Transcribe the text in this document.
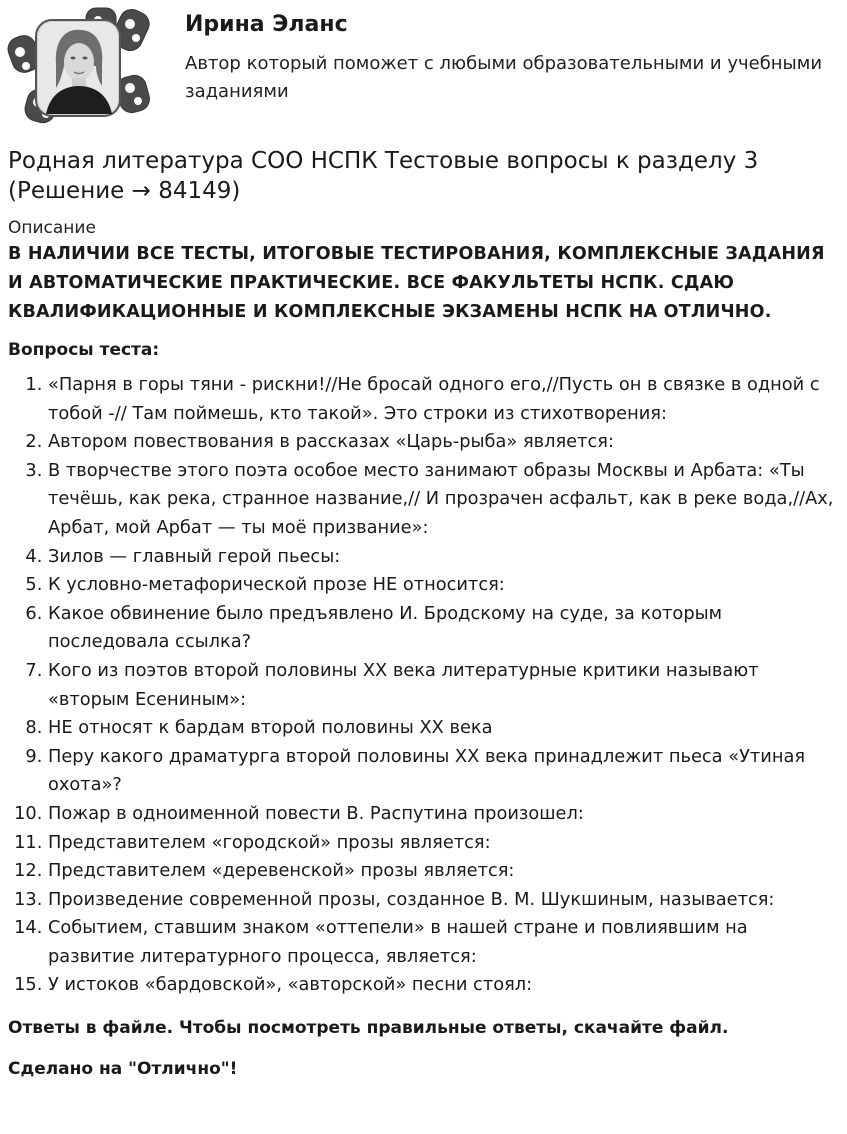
Ирина Эланс
Автор который поможет с любыми образовательными и учебными заданиями
Родная литература СОО НСПК Тестовые вопросы к разделу 3 (Решение → 84149)
Описание
В НАЛИЧИИ ВСЕ ТЕСТЫ, ИТОГОВЫЕ ТЕСТИРОВАНИЯ, КОМПЛЕКСНЫЕ ЗАДАНИЯ И АВТОМАТИЧЕСКИЕ ПРАКТИЧЕСКИЕ. ВСЕ ФАКУЛЬТЕТЫ НСПК. СДАЮ КВАЛИФИКАЦИОННЫЕ И КОМПЛЕКСНЫЕ ЭКЗАМЕНЫ НСПК НА ОТЛИЧНО.
Вопросы теста:
1. «Парня в горы тяни - рискни!//Не бросай одного его,//Пусть он в связке в одной с тобой -// Там поймешь, кто такой». Это строки из стихотворения:
2. Автором повествования в рассказах «Царь-рыба» является:
3. В творчестве этого поэта особое место занимают образы Москвы и Арбата: «Ты течёшь, как река, странное название,// И прозрачен асфальт, как в реке вода,//Ах, Арбат, мой Арбат — ты моё призвание»:
4. Зилов — главный герой пьесы:
5. К условно-метафорической прозе НЕ относится:
6. Какое обвинение было предъявлено И. Бродскому на суде, за которым последовала ссылка?
7. Кого из поэтов второй половины XX века литературные критики называют «вторым Есениным»:
8. НЕ относят к бардам второй половины XX века
9. Перу какого драматурга второй половины XX века принадлежит пьеса «Утиная охота»?
10. Пожар в одноименной повести В. Распутина произошел:
11. Представителем «городской» прозы является:
12. Представителем «деревенской» прозы является:
13. Произведение современной прозы, созданное В. М. Шукшиным, называется:
14. Событием, ставшим знаком «оттепели» в нашей стране и повлиявшим на развитие литературного процесса, является:
15. У истоков «бардовской», «авторской» песни стоял:
Ответы в файле. Чтобы посмотреть правильные ответы, скачайте файл.
Сделано на "Отлично"!
